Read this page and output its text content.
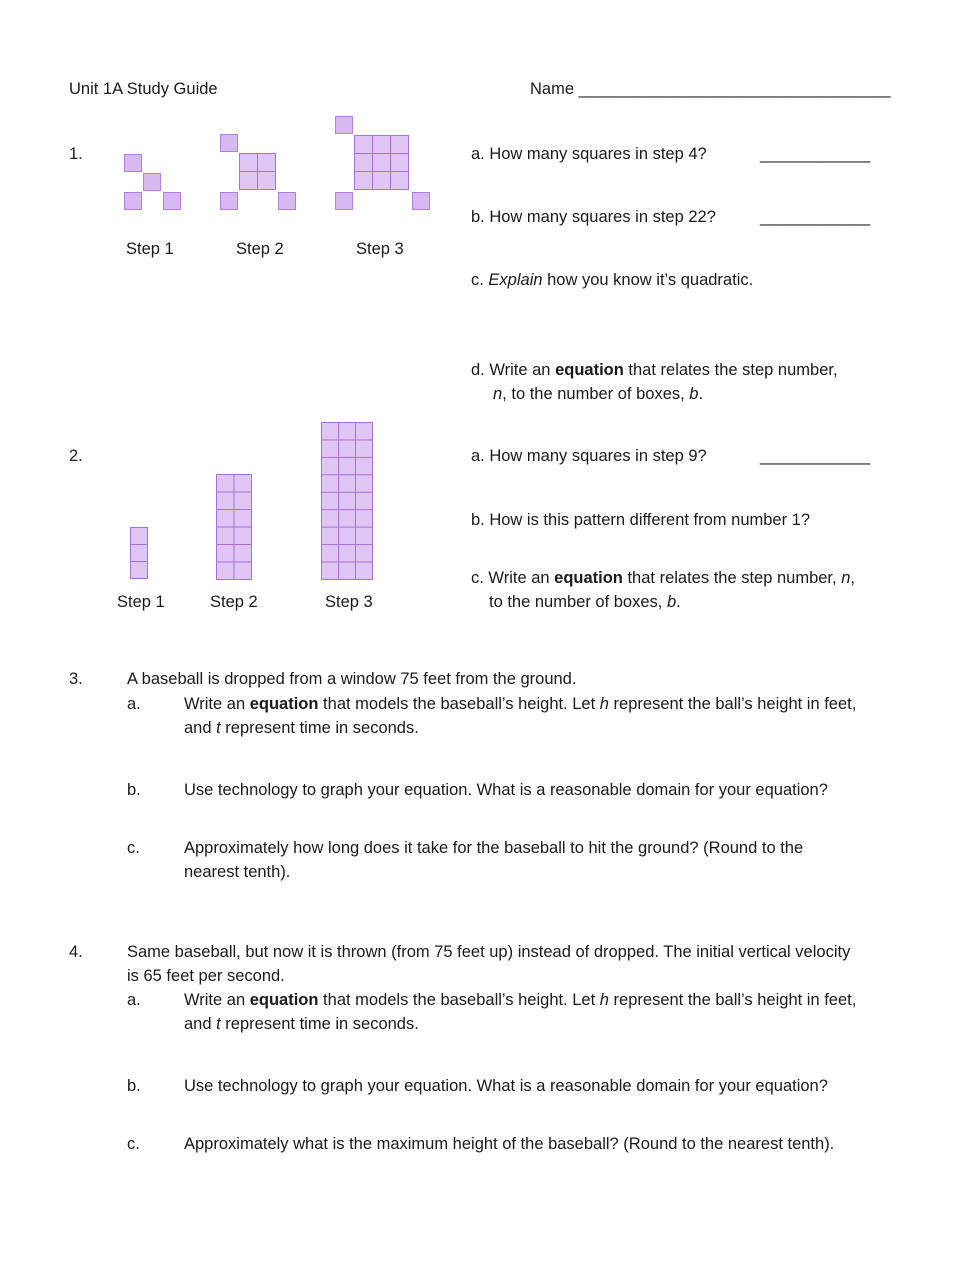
Unit 1A Study Guide	Name __________________________________
1.
Step 1	Step 2	Step 3
a. How many squares in step 4?	____________
b. How many squares in step 22?	____________
c. Explain how you know it’s quadratic.
d. Write an equation that relates the step number,
n, to the number of boxes, b.
2.
Step 1	Step 2	Step 3
a. How many squares in step 9?	____________
b. How is this pattern different from number 1?
c. Write an equation that relates the step number, n,
to the number of boxes, b.
3.	A baseball is dropped from a window 75 feet from the ground.
a.	Write an equation that models the baseball’s height. Let h represent the ball’s height in feet,
and t represent time in seconds.
b.	Use technology to graph your equation. What is a reasonable domain for your equation?
c.	Approximately how long does it take for the baseball to hit the ground? (Round to the
nearest tenth).
4.	Same baseball, but now it is thrown (from 75 feet up) instead of dropped. The initial vertical velocity
is 65 feet per second.
a.	Write an equation that models the baseball’s height. Let h represent the ball’s height in feet,
and t represent time in seconds.
b.	Use technology to graph your equation. What is a reasonable domain for your equation?
c.	Approximately what is the maximum height of the baseball? (Round to the nearest tenth).
